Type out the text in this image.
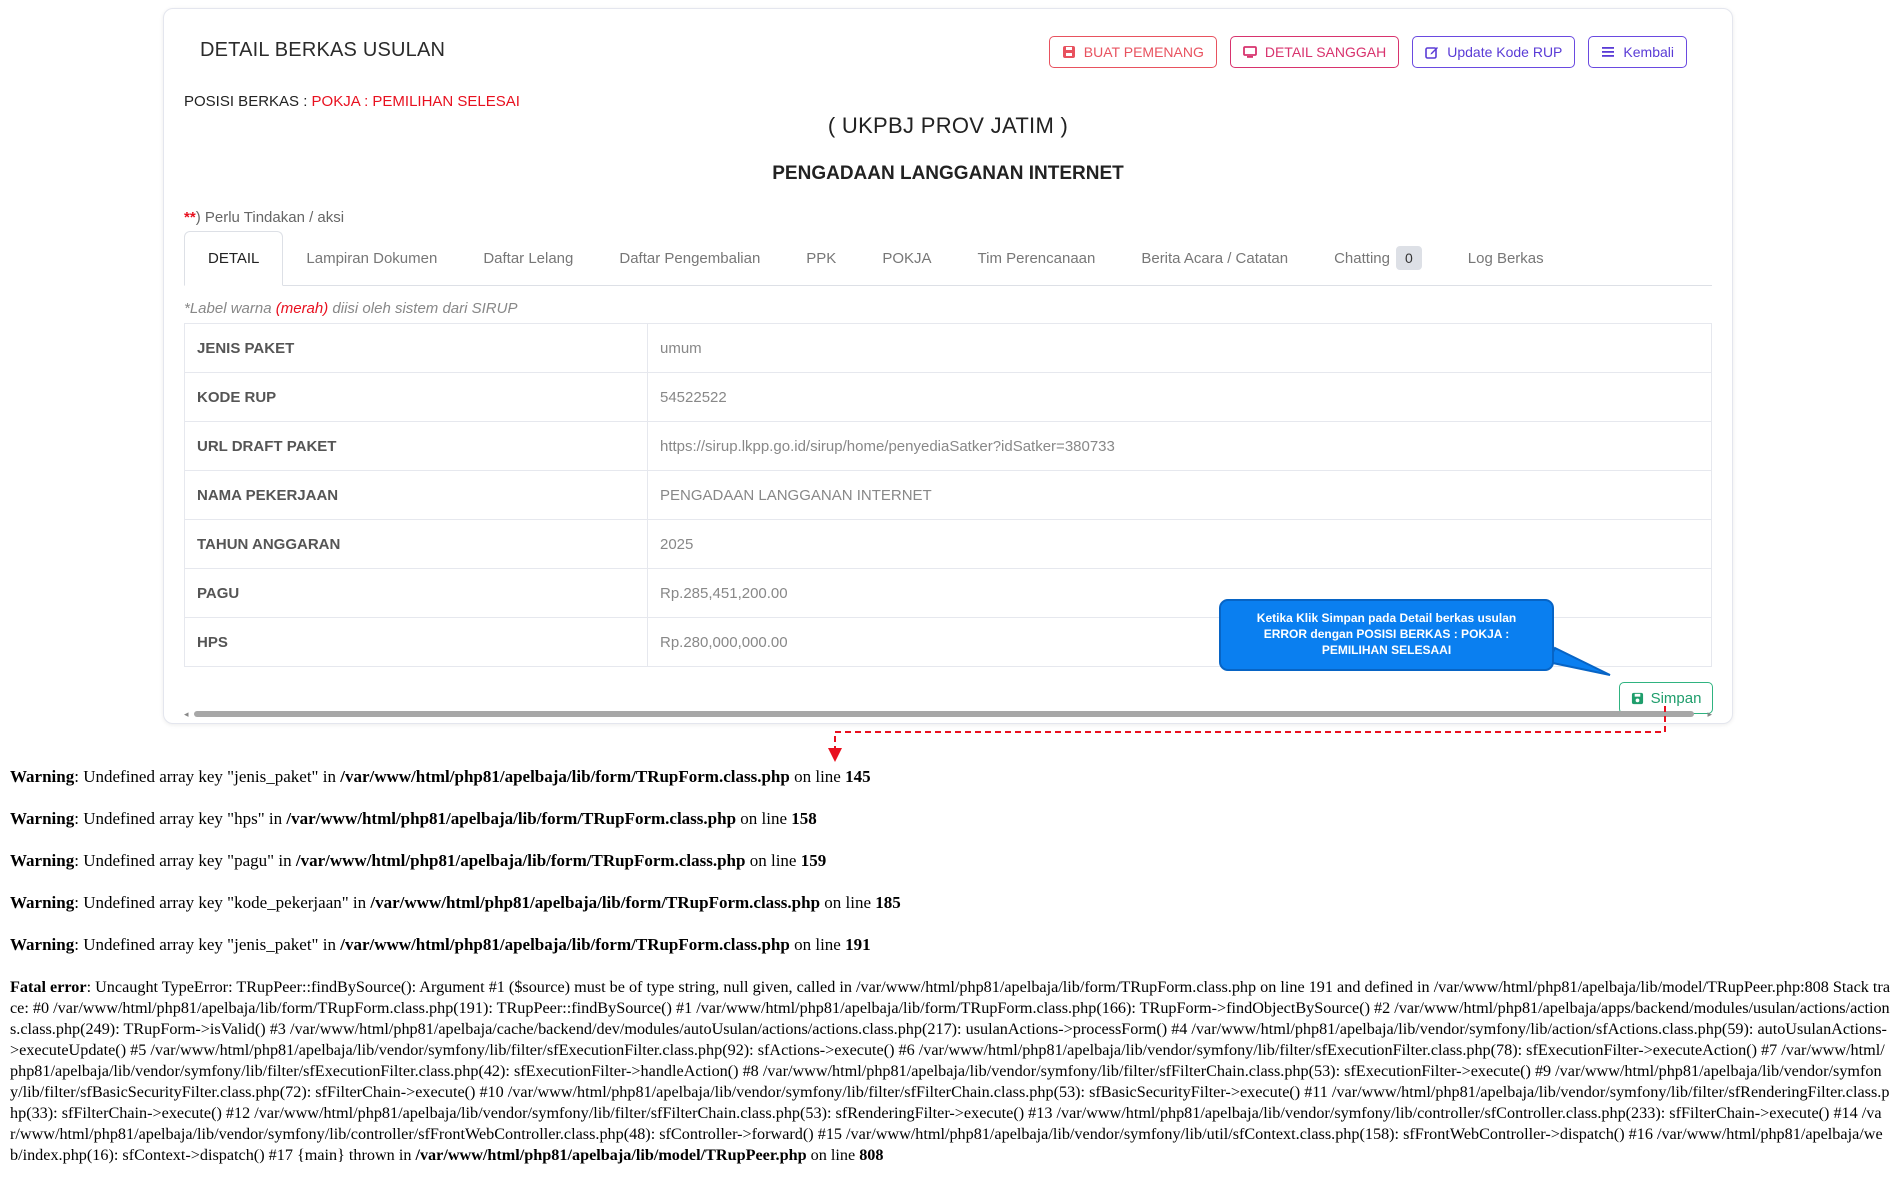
DETAIL BERKAS USULAN	BUAT PEMENANG	DETAIL SANGGAH	Update Kode RUP	Kembali
POSISI BERKAS : POKJA : PEMILIHAN SELESAI
( UKPBJ PROV JATIM )
PENGADAAN LANGGANAN INTERNET
**) Perlu Tindakan / aksi
DETAIL	Lampiran Dokumen	Daftar Lelang	Daftar Pengembalian	PPK	POKJA	Tim Perencanaan	Berita Acara / Catatan	Chatting	0	Log Berkas
*Label warna (merah) diisi oleh sistem dari SIRUP
JENIS PAKET	umum
KODE RUP	54522522
URL DRAFT PAKET	https://sirup.lkpp.go.id/sirup/home/penyediaSatker?idSatker=380733
NAMA PEKERJAAN	PENGADAAN LANGGANAN INTERNET
TAHUN ANGGARAN	2025
PAGU	Rp.285,451,200.00
HPS	Rp.280,000,000.00
Simpan
◂	▸
Ketika Klik Simpan pada Detail berkas usulan ERROR dengan POSISI BERKAS : POKJA : PEMILIHAN SELESAAI
Warning: Undefined array key "jenis_paket" in /var/www/html/php81/apelbaja/lib/form/TRupForm.class.php on line 145
Warning: Undefined array key "hps" in /var/www/html/php81/apelbaja/lib/form/TRupForm.class.php on line 158
Warning: Undefined array key "pagu" in /var/www/html/php81/apelbaja/lib/form/TRupForm.class.php on line 159
Warning: Undefined array key "kode_pekerjaan" in /var/www/html/php81/apelbaja/lib/form/TRupForm.class.php on line 185
Warning: Undefined array key "jenis_paket" in /var/www/html/php81/apelbaja/lib/form/TRupForm.class.php on line 191
Fatal error: Uncaught TypeError: TRupPeer::findBySource(): Argument #1 ($source) must be of type string, null given, called in /var/www/html/php81/apelbaja/lib/form/TRupForm.class.php on line 191 and defined in /var/www/html/php81/apelbaja/lib/model/TRupPeer.php:808 Stack trace: #0 /var/www/html/php81/apelbaja/lib/form/TRupForm.class.php(191): TRupPeer::findBySource() #1 /var/www/html/php81/apelbaja/lib/form/TRupForm.class.php(166): TRupForm->findObjectBySource() #2 /var/www/html/php81/apelbaja/apps/backend/modules/usulan/actions/actions.class.php(249): TRupForm->isValid() #3 /var/www/html/php81/apelbaja/cache/backend/dev/modules/autoUsulan/actions/actions.class.php(217): usulanActions->processForm() #4 /var/www/html/php81/apelbaja/lib/vendor/symfony/lib/action/sfActions.class.php(59): autoUsulanActions->executeUpdate() #5 /var/www/html/php81/apelbaja/lib/vendor/symfony/lib/filter/sfExecutionFilter.class.php(92): sfActions->execute() #6 /var/www/html/php81/apelbaja/lib/vendor/symfony/lib/filter/sfExecutionFilter.class.php(78): sfExecutionFilter->executeAction() #7 /var/www/html/php81/apelbaja/lib/vendor/symfony/lib/filter/sfExecutionFilter.class.php(42): sfExecutionFilter->handleAction() #8 /var/www/html/php81/apelbaja/lib/vendor/symfony/lib/filter/sfFilterChain.class.php(53): sfExecutionFilter->execute() #9 /var/www/html/php81/apelbaja/lib/vendor/symfony/lib/filter/sfBasicSecurityFilter.class.php(72): sfFilterChain->execute() #10 /var/www/html/php81/apelbaja/lib/vendor/symfony/lib/filter/sfFilterChain.class.php(53): sfBasicSecurityFilter->execute() #11 /var/www/html/php81/apelbaja/lib/vendor/symfony/lib/filter/sfRenderingFilter.class.php(33): sfFilterChain->execute() #12 /var/www/html/php81/apelbaja/lib/vendor/symfony/lib/filter/sfFilterChain.class.php(53): sfRenderingFilter->execute() #13 /var/www/html/php81/apelbaja/lib/vendor/symfony/lib/controller/sfController.class.php(233): sfFilterChain->execute() #14 /var/www/html/php81/apelbaja/lib/vendor/symfony/lib/controller/sfFrontWebController.class.php(48): sfController->forward() #15 /var/www/html/php81/apelbaja/lib/vendor/symfony/lib/util/sfContext.class.php(158): sfFrontWebController->dispatch() #16 /var/www/html/php81/apelbaja/web/index.php(16): sfContext->dispatch() #17 {main} thrown in /var/www/html/php81/apelbaja/lib/model/TRupPeer.php on line 808
